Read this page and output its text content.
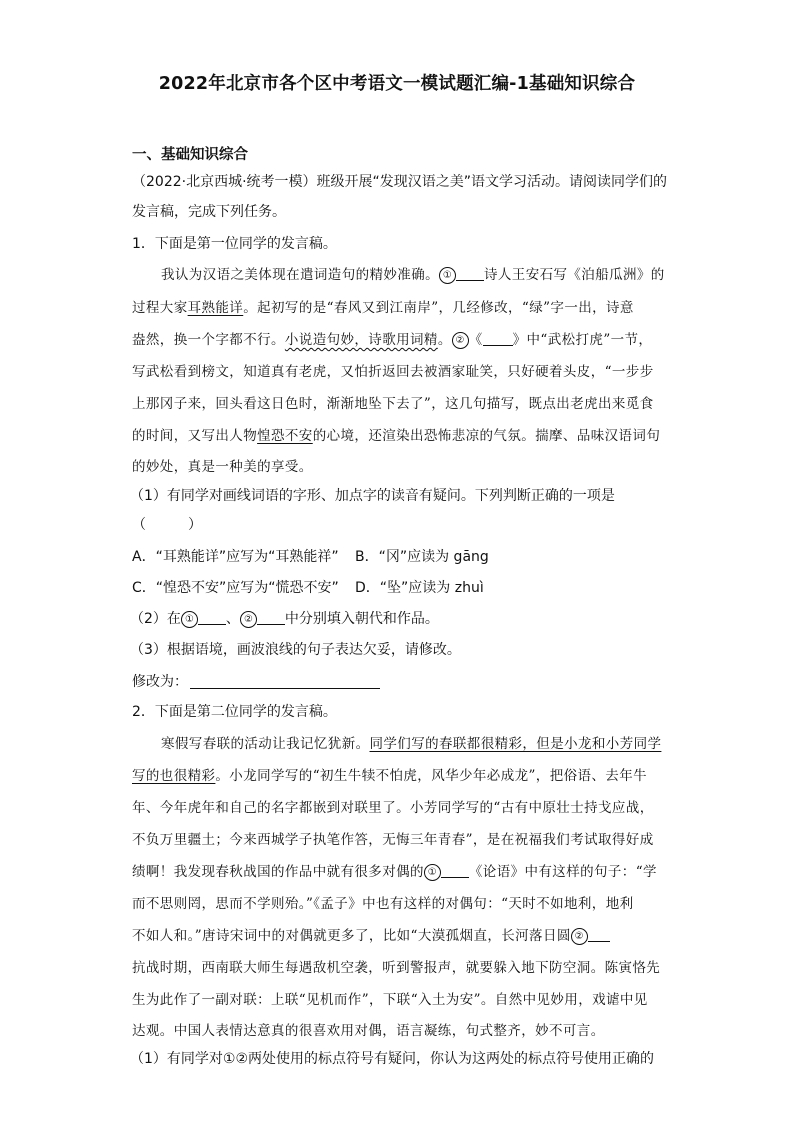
2022年北京市各个区中考语文一模试题汇编-1基础知识综合
一、基础知识综合
（2022·北京西城·统考一模）班级开展“发现汉语之美”语文学习活动。请阅读同学们的
发言稿，完成下列任务。
1．下面是第一位同学的发言稿。
我认为汉语之美体现在遣词造句的精妙准确。 ① 诗人王安石写《泊船瓜洲》的
过程大家耳熟能详。起初写的是“春风又到江南岸”，几经修改，“绿”字一出，诗意
盎然，换一个字都不行。小说造句妙，诗歌用词精。 ② 《 》中“武松打虎”一节，
写武松看到榜文，知道真有老虎，又怕折返回去被酒家耻笑，只好硬着头皮，“一步步
上那冈子来，回头看这日色时，渐渐地坠下去了”，这几句描写，既点出老虎出来觅食
的时间，又写出人物惶恐不安的心境，还渲染出恐怖悲凉的气氛。揣摩、品味汉语词句
的妙处，真是一种美的享受。
（1）有同学对画线词语的字形、加点字的读音有疑问。下列判断正确的一项是
（　　　）
A．“耳熟能详”应写为“耳熟能祥” B．“冈”应读为 gāng
C．“惶恐不安”应写为“慌恐不安” D．“坠”应读为 zhuì
（2）在 ① 、 ② 中分别填入朝代和作品。
（3）根据语境，画波浪线的句子表达欠妥，请修改。
修改为：
2．下面是第二位同学的发言稿。
寒假写春联的活动让我记忆犹新。同学们写的春联都很精彩，但是小龙和小芳同学
写的也很精彩。小龙同学写的“初生牛犊不怕虎，风华少年必成龙”，把俗语、去年牛
年、今年虎年和自己的名字都嵌到对联里了。小芳同学写的“古有中原壮士持戈应战，
不负万里疆土；今来西城学子执笔作答，无悔三年青春”，是在祝福我们考试取得好成
绩啊！我发现春秋战国的作品中就有很多对偶的 ① 《论语》中有这样的句子：“学
而不思则罔，思而不学则殆。”《孟子》中也有这样的对偶句：“天时不如地利，地利
不如人和。”唐诗宋词中的对偶就更多了，比如“大漠孤烟直，长河落日圆 ②
抗战时期，西南联大师生每遇敌机空袭，听到警报声，就要躲入地下防空洞。陈寅恪先
生为此作了一副对联：上联“见机而作”，下联“入土为安”。自然中见妙用，戏谑中见
达观。中国人表情达意真的很喜欢用对偶，语言凝练，句式整齐，妙不可言。
（1）有同学对①②两处使用的标点符号有疑问，你认为这两处的标点符号使用正确的
